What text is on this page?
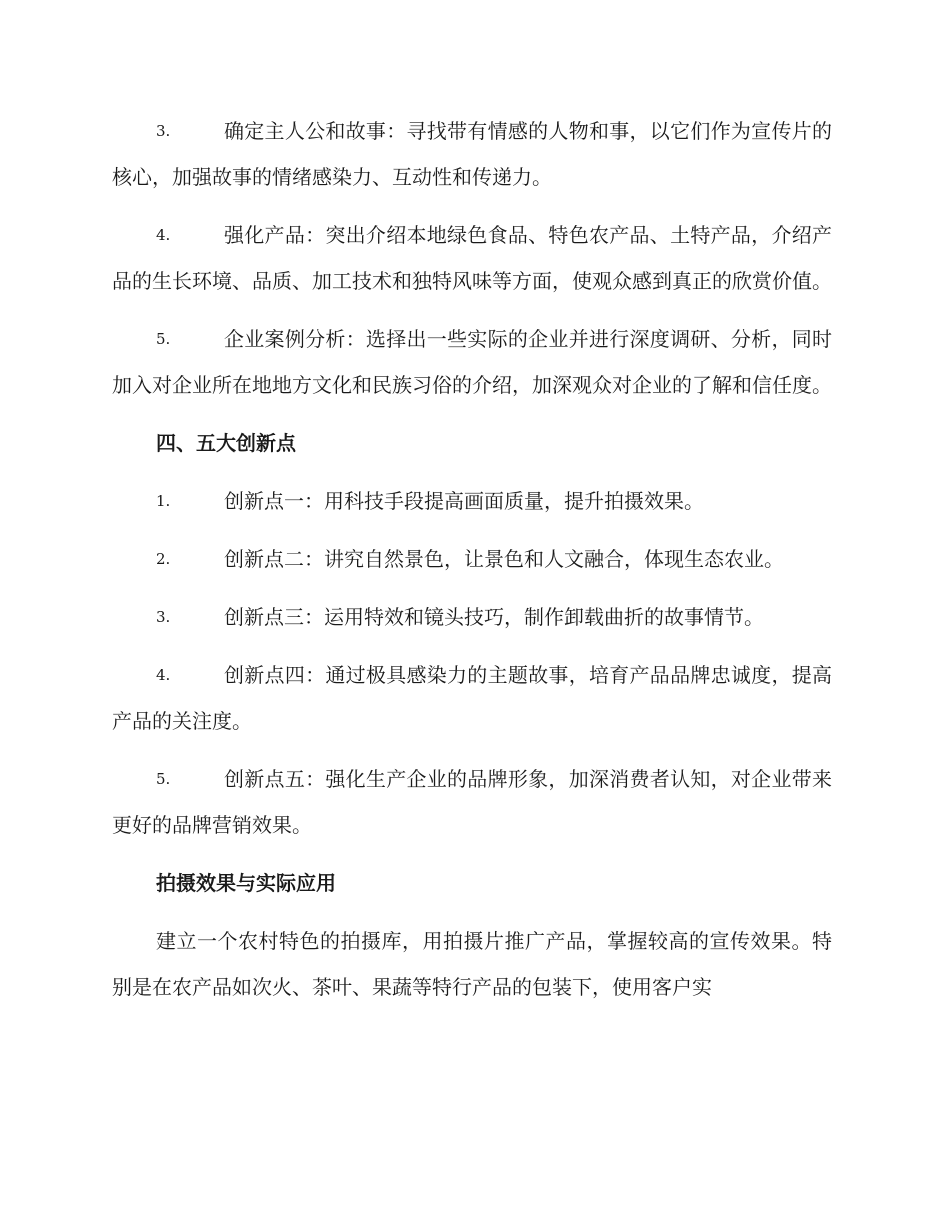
3.	确定主人公和故事：寻找带有情感的人物和事，以它们作为宣传片的核心，加强故事的情绪感染力、互动性和传递力。
4.	强化产品：突出介绍本地绿色食品、特色农产品、土特产品，介绍产品的生长环境、品质、加工技术和独特风味等方面，使观众感到真正的欣赏价值。
5.	企业案例分析：选择出一些实际的企业并进行深度调研、分析，同时加入对企业所在地地方文化和民族习俗的介绍，加深观众对企业的了解和信任度。
四、五大创新点
1.	创新点一：用科技手段提高画面质量，提升拍摄效果。
2.	创新点二：讲究自然景色，让景色和人文融合，体现生态农业。
3.	创新点三：运用特效和镜头技巧，制作卸载曲折的故事情节。
4.	创新点四：通过极具感染力的主题故事，培育产品品牌忠诚度，提高产品的关注度。
5.	创新点五：强化生产企业的品牌形象，加深消费者认知，对企业带来更好的品牌营销效果。
拍摄效果与实际应用

建立一个农村特色的拍摄库，用拍摄片推广产品，掌握较高的宣传效果。特别是在农产品如次火、茶叶、果蔬等特行产品的包装下，使用客户实
